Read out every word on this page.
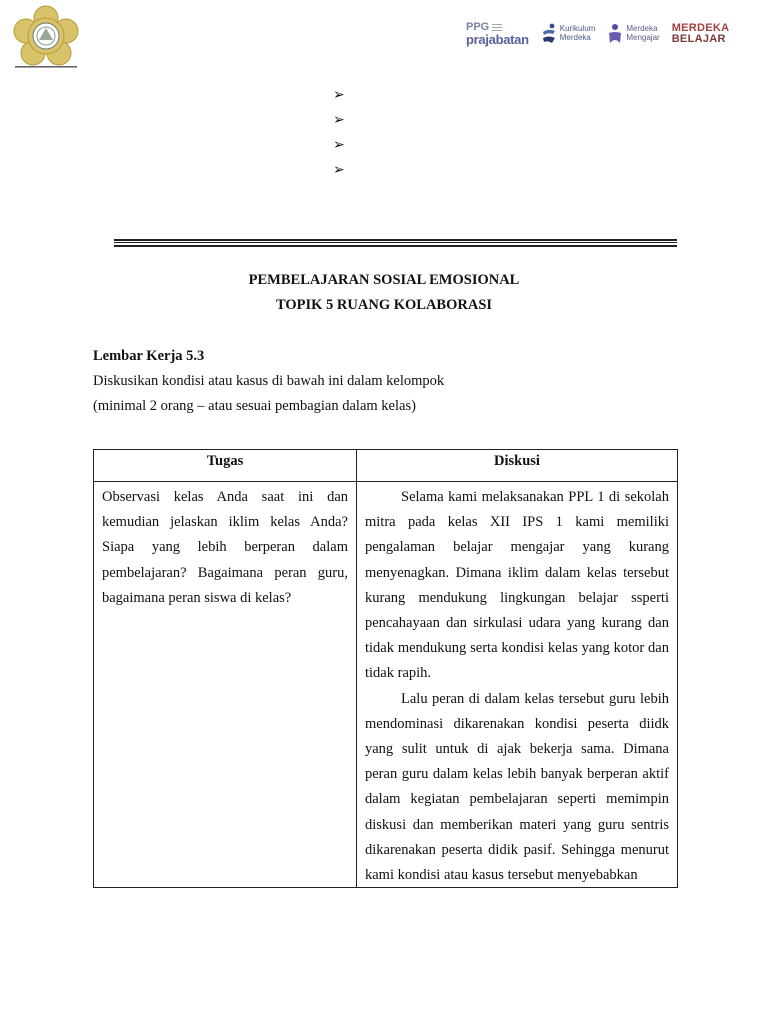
PPG
prajabatan
Kurikulum
Merdeka
Merdeka
Mengajar
MERDEKA
BELAJAR
➢
➢
➢
➢
PEMBELAJARAN SOSIAL EMOSIONAL
TOPIK 5 RUANG KOLABORASI
Lembar Kerja 5.3
Diskusikan kondisi atau kasus di bawah ini dalam kelompok
(minimal 2 orang – atau sesuai pembagian dalam kelas)
Tugas	Diskusi

Observasi kelas Anda saat ini dan kemudian jelaskan iklim kelas Anda? Siapa yang lebih berperan dalam pembelajaran? Bagaimana peran guru, bagaimana peran siswa di kelas?	Selama kami melaksanakan PPL 1 di sekolah mitra pada kelas XII IPS 1 kami memiliki pengalaman belajar mengajar yang kurang menyenagkan. Dimana iklim dalam kelas tersebut kurang mendukung lingkungan belajar ssperti pencahayaan dan sirkulasi udara yang kurang dan tidak mendukung serta kondisi kelas yang kotor dan tidak rapih.

Lalu peran di dalam kelas tersebut guru lebih mendominasi dikarenakan kondisi peserta diidk yang sulit untuk di ajak bekerja sama. Dimana peran guru dalam kelas lebih banyak berperan aktif dalam kegiatan pembelajaran seperti memimpin diskusi dan memberikan materi yang guru sentris dikarenakan peserta didik pasif. Sehingga menurut kami kondisi atau kasus tersebut menyebabkan
